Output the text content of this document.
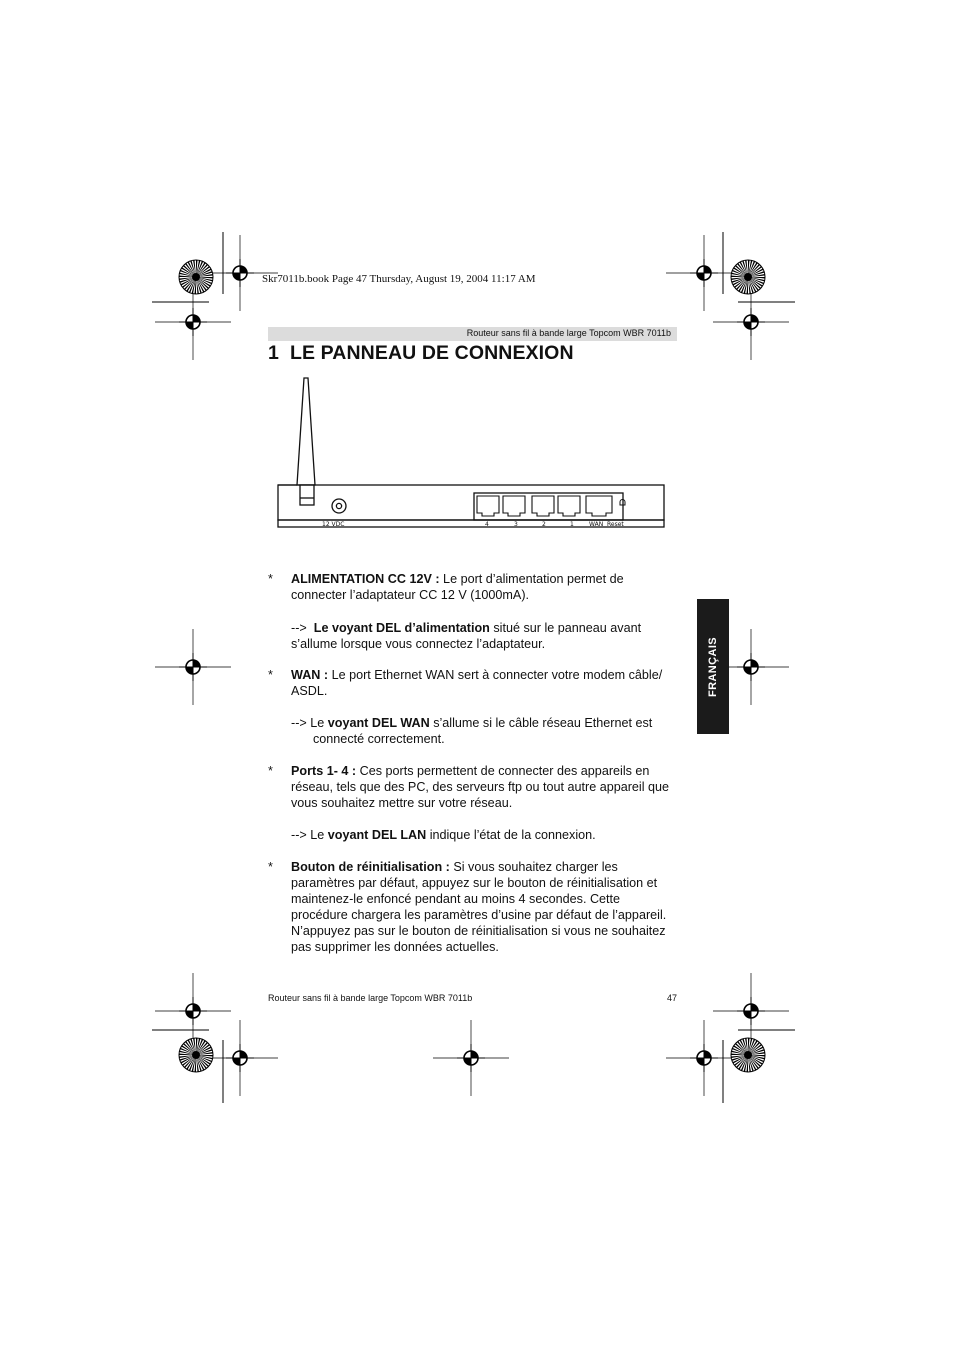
Skr7011b.book Page 47 Thursday, August 19, 2004 11:17 AM
Routeur sans fil à bande large Topcom WBR 7011b
1 LE PANNEAU DE CONNEXION
12 VDC	4	3	2	1	WAN Reset
FRANÇAIS
* ALIMENTATION CC 12V : Le port d’alimentation permet de
connecter l’adaptateur CC 12 V (1000mA).
--> Le voyant DEL d’alimentation situé sur le panneau avant
s’allume lorsque vous connectez l’adaptateur.
* WAN : Le port Ethernet WAN sert à connecter votre modem câble/
ASDL.
--> Le voyant DEL WAN s’allume si le câble réseau Ethernet est
connecté correctement.
* Ports 1- 4 : Ces ports permettent de connecter des appareils en
réseau, tels que des PC, des serveurs ftp ou tout autre appareil que
vous souhaitez mettre sur votre réseau.
--> Le voyant DEL LAN indique l’état de la connexion.
* Bouton de réinitialisation : Si vous souhaitez charger les
paramètres par défaut, appuyez sur le bouton de réinitialisation et
maintenez-le enfoncé pendant au moins 4 secondes. Cette
procédure chargera les paramètres d’usine par défaut de l’appareil.
N’appuyez pas sur le bouton de réinitialisation si vous ne souhaitez
pas supprimer les données actuelles.
Routeur sans fil à bande large Topcom WBR 7011b	47
